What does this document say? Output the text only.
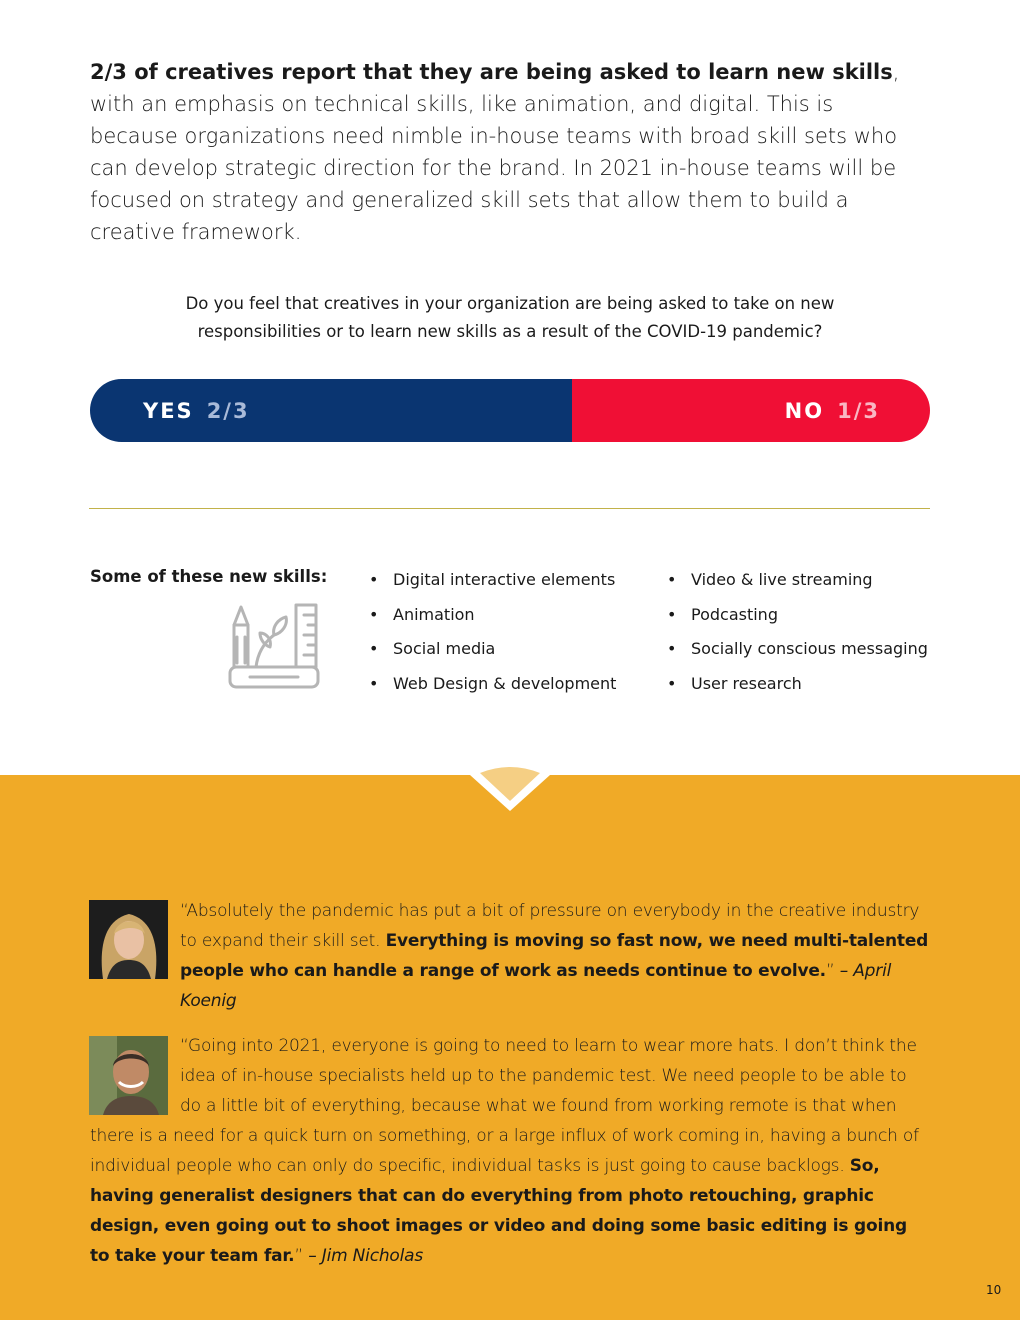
2/3 of creatives report that they are being asked to learn new skills, with an emphasis on technical skills, like animation, and digital. This is because organizations need nimble in-house teams with broad skill sets who can develop strategic direction for the brand. In 2021 in-house teams will be focused on strategy and generalized skill sets that allow them to build a creative framework.

Do you feel that creatives in your organization are being asked to take on new
responsibilities or to learn new skills as a result of the COVID-19 pandemic?
YES 2/3	NO 1/3
Some of these new skills:
•	Digital interactive elements
• Animation
• Social media
• Web Design & development
• Video & live streaming
• Podcasting
• Socially conscious messaging
• User research
“Absolutely the pandemic has put a bit of pressure on everybody in the creative industry to expand their skill set. Everything is moving so fast now, we need multi-talented people who can handle a range of work as needs continue to evolve.” – April Koenig
“Going into 2021, everyone is going to need to learn to wear more hats. I don’t think the idea of in-house specialists held up to the pandemic test. We need people to be able to do a little bit of everything, because what we found from working remote is that when there is a need for a quick turn on something, or a large influx of work coming in, having a bunch of individual people who can only do specific, individual tasks is just going to cause backlogs. So, having generalist designers that can do everything from photo retouching, graphic design, even going out to shoot images or video and doing some basic editing is going to take your team far.” – Jim Nicholas
10
